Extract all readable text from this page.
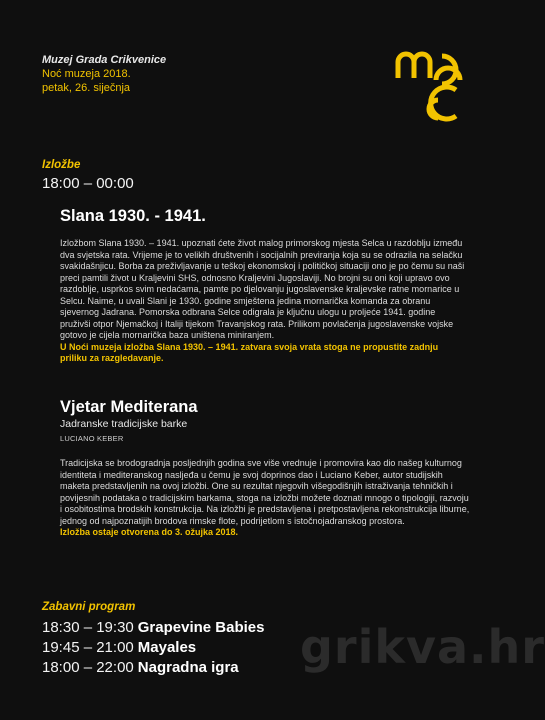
Muzej Grada Crikvenice
Noć muzeja 2018.
petak, 26. siječnja
Izložbe
18:00 – 00:00
Slana 1930. - 1941.
Izložbom Slana 1930. – 1941. upoznati ćete život malog primorskog mjesta Selca u razdoblju između dva svjetska rata. Vrijeme je to velikih društvenih i socijalnih previranja koja su se odrazila na selačku svakidašnjicu. Borba za preživljavanje u teškoj ekonomskoj i političkoj situaciji ono je po čemu su naši preci pamtili život u Kraljevini SHS, odnosno Kraljevini Jugoslaviji. No brojni su oni koji upravo ovo razdoblje, usprkos svim nedaćama, pamte po djelovanju jugoslavenske kraljevske ratne mornarice u Selcu. Naime, u uvali Slani je 1930. godine smještena jedina mornarička komanda za obranu sjevernog Jadrana. Pomorska odbrana Selce odigrala je ključnu ulogu u proljeće 1941. godine pruživši otpor Njemačkoj i Italiji tijekom Travanjskog rata. Prilikom povlačenja jugoslavenske vojske gotovo je cijela mornarička baza uništena miniranjem.
U Noći muzeja izložba Slana 1930. – 1941. zatvara svoja vrata stoga ne propustite zadnju priliku za razgledavanje.
Vjetar Mediterana
Jadranske tradicijske barke
LUCIANO KEBER
Tradicijska se brodogradnja posljednjih godina sve više vrednuje i promovira kao dio našeg kulturnog identiteta i mediteranskog nasljeđa u čemu je svoj doprinos dao i Luciano Keber, autor studijskih maketa predstavljenih na ovoj izložbi. One su rezultat njegovih višegodišnjih istraživanja tehničkih i povijesnih podataka o tradicijskim barkama, stoga na izložbi možete doznati mnogo o tipologiji, razvoju i osobitostima brodskih konstrukcija. Na izložbi je predstavljena i pretpostavljena rekonstrukcija liburne, jednog od najpoznatijih brodova rimske flote, podrijetlom s istočnojadranskog prostora.
Izložba ostaje otvorena do 3. ožujka 2018.
Zabavni program
18:30 – 19:30 Grapevine Babies
19:45 – 21:00 Mayales
18:00 – 22:00 Nagradna igra grikva.hr
